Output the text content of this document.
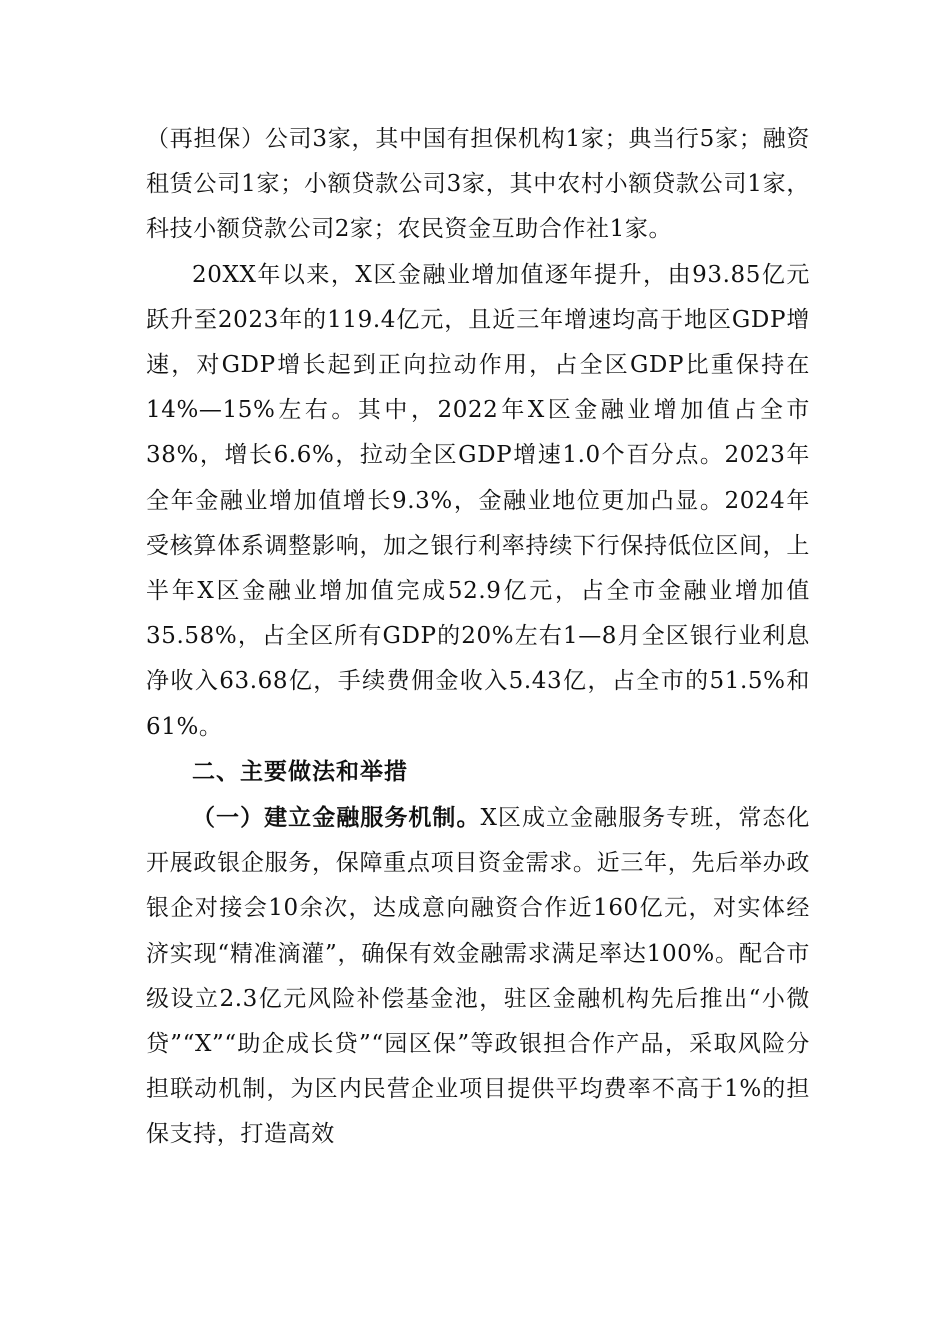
（再担保）公司3家，其中国有担保机构1家；典当行5家；融资租赁公司1家；小额贷款公司3家，其中农村小额贷款公司1家，科技小额贷款公司2家；农民资金互助合作社1家。

20XX年以来，X区金融业增加值逐年提升，由93.85亿元跃升至2023年的119.4亿元，且近三年增速均高于地区GDP增速，对GDP增长起到正向拉动作用，占全区GDP比重保持在14%—15%左右。其中，2022年X区金融业增加值占全市38%，增长6.6%，拉动全区GDP增速1.0个百分点。2023年全年金融业增加值增长9.3%，金融业地位更加凸显。2024年受核算体系调整影响，加之银行利率持续下行保持低位区间，上半年X区金融业增加值完成52.9亿元，占全市金融业增加值35.58%，占全区所有GDP的20%左右1—8月全区银行业利息净收入63.68亿，手续费佣金收入5.43亿，占全市的51.5%和61%。

二、主要做法和举措

（一）建立金融服务机制。X区成立金融服务专班，常态化开展政银企服务，保障重点项目资金需求。近三年，先后举办政银企对接会10余次，达成意向融资合作近160亿元，对实体经济实现“精准滴灌”，确保有效金融需求满足率达100%。配合市级设立2.3亿元风险补偿基金池，驻区金融机构先后推出“小微贷”“X”“助企成长贷”“园区保”等政银担合作产品，采取风险分担联动机制，为区内民营企业项目提供平均费率不高于1%的担保支持，打造高效
